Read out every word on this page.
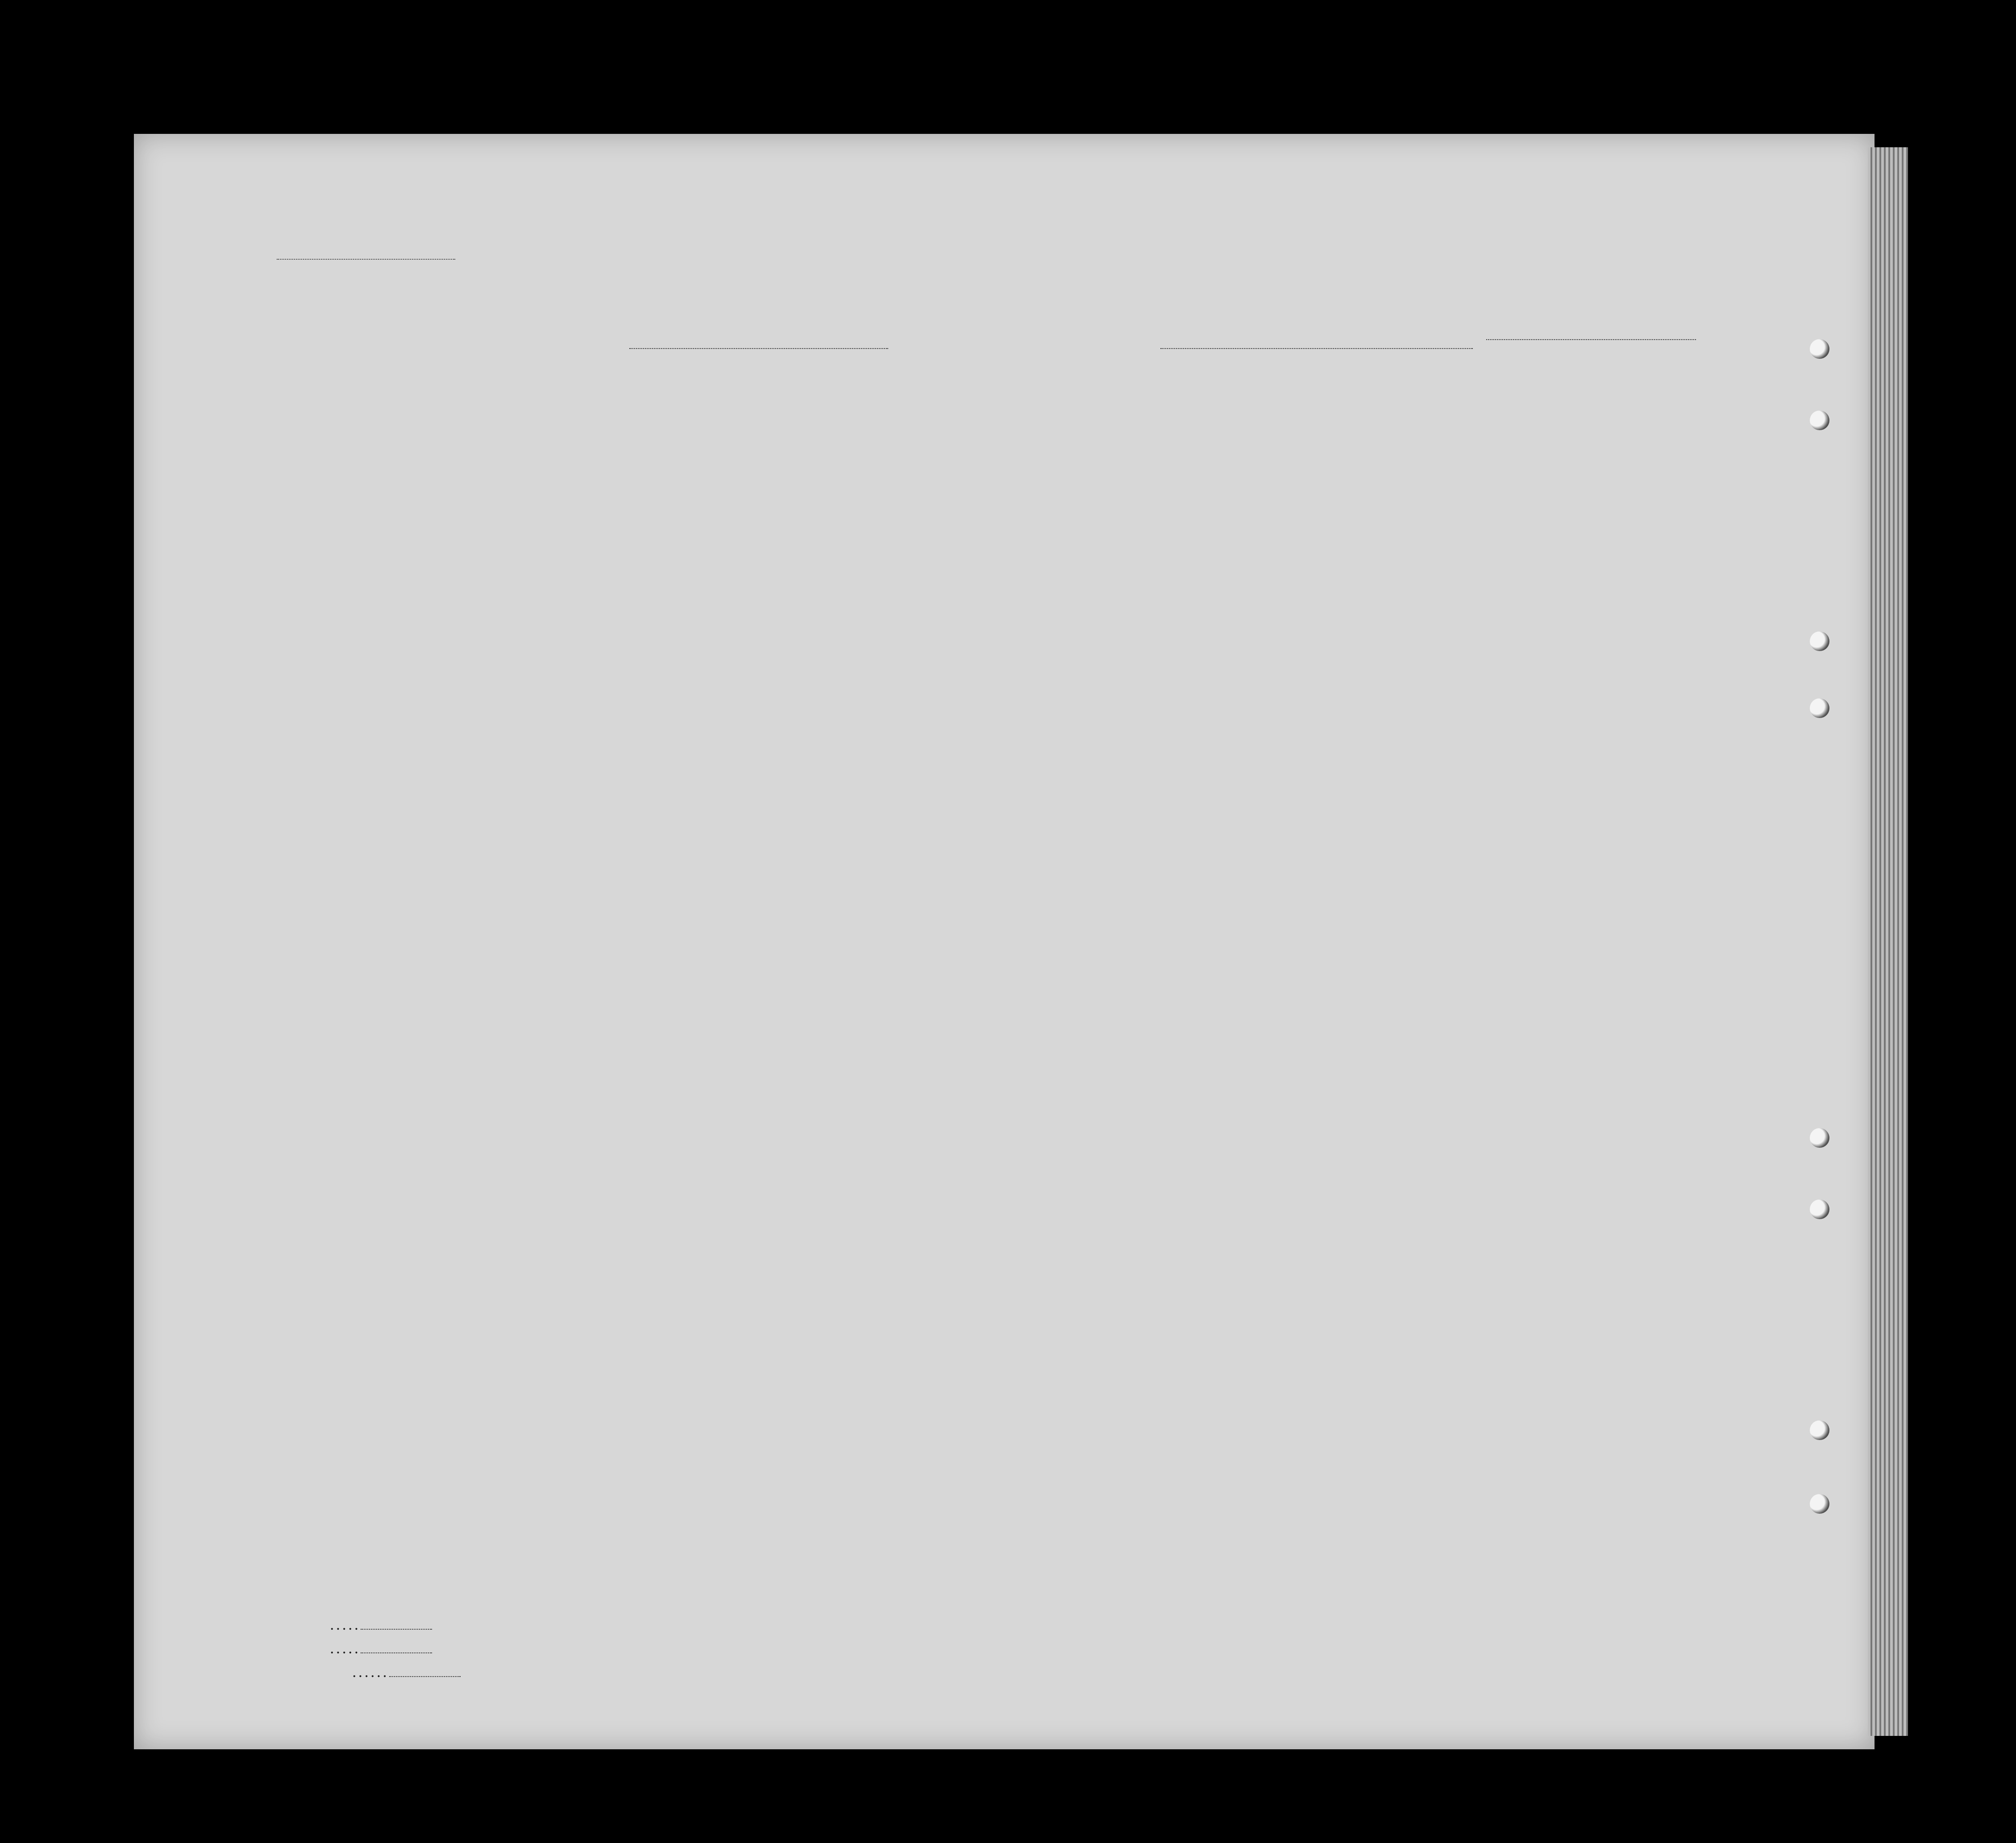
.....
.....
......
